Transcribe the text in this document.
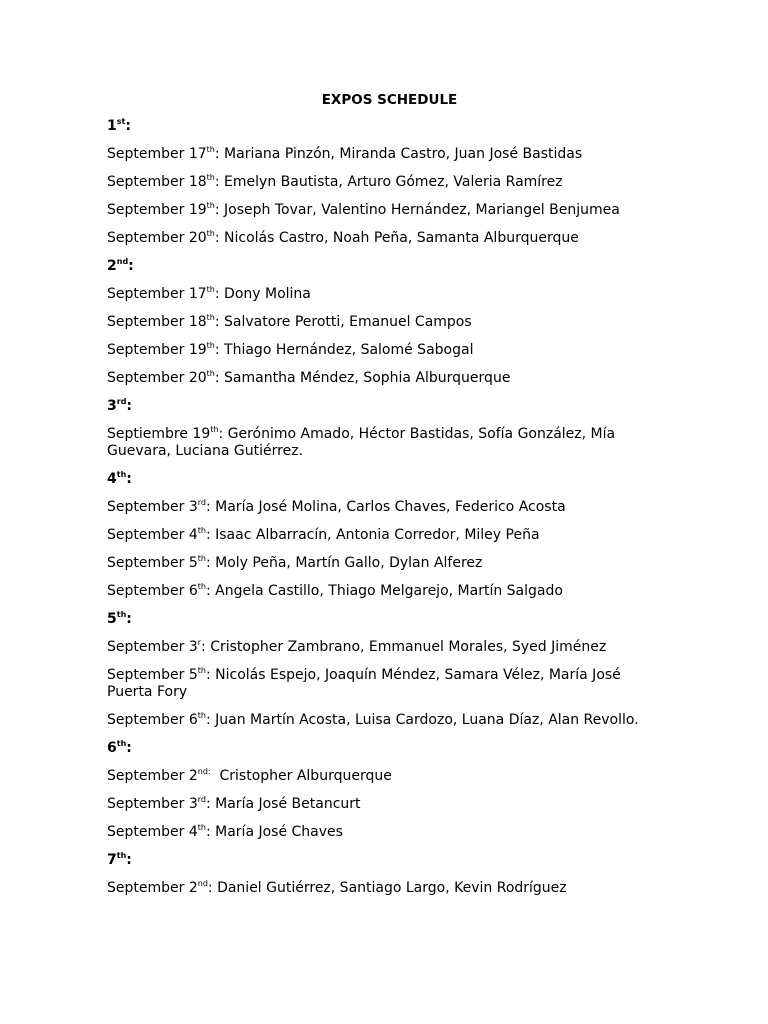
EXPOS SCHEDULE
1st:
September 17th: Mariana Pinzón, Miranda Castro, Juan José Bastidas
September 18th: Emelyn Bautista, Arturo Gómez, Valeria Ramírez
September 19th: Joseph Tovar, Valentino Hernández, Mariangel Benjumea
September 20th: Nicolás Castro, Noah Peña, Samanta Alburquerque
2nd:
September 17th: Dony Molina
September 18th: Salvatore Perotti, Emanuel Campos
September 19th: Thiago Hernández, Salomé Sabogal
September 20th: Samantha Méndez, Sophia Alburquerque
3rd:
Septiembre 19th: Gerónimo Amado, Héctor Bastidas, Sofía González, Mía Guevara, Luciana Gutiérrez.
4th:
September 3rd: María José Molina, Carlos Chaves, Federico Acosta
September 4th: Isaac Albarracín, Antonia Corredor, Miley Peña
September 5th: Moly Peña, Martín Gallo, Dylan Alferez
September 6th: Angela Castillo, Thiago Melgarejo, Martín Salgado
5th:
September 3$^r$: Cristopher Zambrano, Emmanuel Morales, Syed Jiménez
September 5th: Nicolás Espejo, Joaquín Méndez, Samara Vélez, María José Puerta Fory
September 6th: Juan Martín Acosta, Luisa Cardozo, Luana Díaz, Alan Revollo.
6th:
September $2^{nd:}$  Cristopher Alburquerque
September 3rd: María José Betancurt
September 4th: María José Chaves
7th:
September 2nd: Daniel Gutiérrez, Santiago Largo, Kevin Rodríguez
